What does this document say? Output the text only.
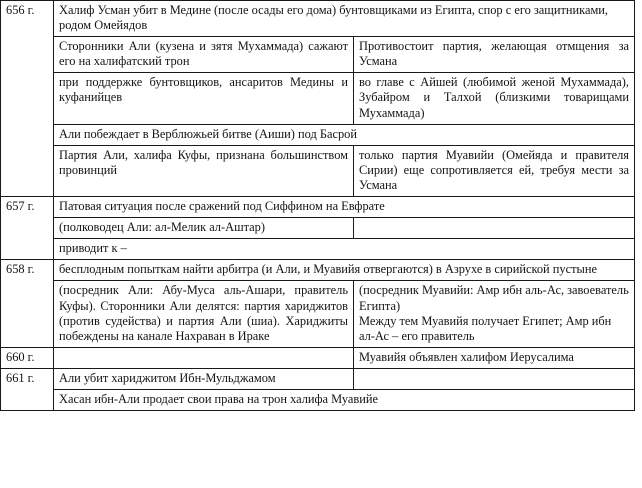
656 г.	Халиф Усман убит в Медине (после осады его дома) бунтовщиками из Египта, спор с его защитниками, родом Омейядов	
	Сторонники Али (кузена и зятя Мухаммада) сажают его на халифатский трон	Противостоит партия, желающая отмщения за Усмана
	при поддержке бунтовщиков, ансаритов Медины и куфанийцев	во главе с Айшей (любимой женой Мухаммада), Зубайром и Талхой (близкими товарищами Мухаммада)
	Али побеждает в Верблюжьей битве (Аиши) под Басрой	
	Партия Али, халифа Куфы, признана большинством провинций	только партия Муавийи (Омейяда и правителя Сирии) еще сопротивляется ей, требуя мести за Усмана
657 г.	Патовая ситуация после сражений под Сиффином на Евфрате	
	(полководец Али: ал-Мелик ал-Аштар)	

	приводит к –	
658 г.	бесплодным попыткам найти арбитра (и Али, и Муавийя отвергаются) в Азрухе в сирийской пустыне	
	(посредник Али: Абу-Муса аль-Ашари, правитель Куфы). Сторонники Али делятся: партия хариджитов (против судейства) и партия Али (шиа). Хариджиты побеждены на канале Нахраван в Ираке	(посредник Муавийи: Амр ибн аль-Ас, завоеватель Египта)
Между тем Муавийя получает Египет; Амр ибн ал-Ас – его правитель

660 г.		Муавийя объявлен халифом Иерусалима
661 г.	Али убит хариджитом Ибн-Мульджамом	

	Хасан ибн-Али продает свои права на трон халифа Муавийе	
